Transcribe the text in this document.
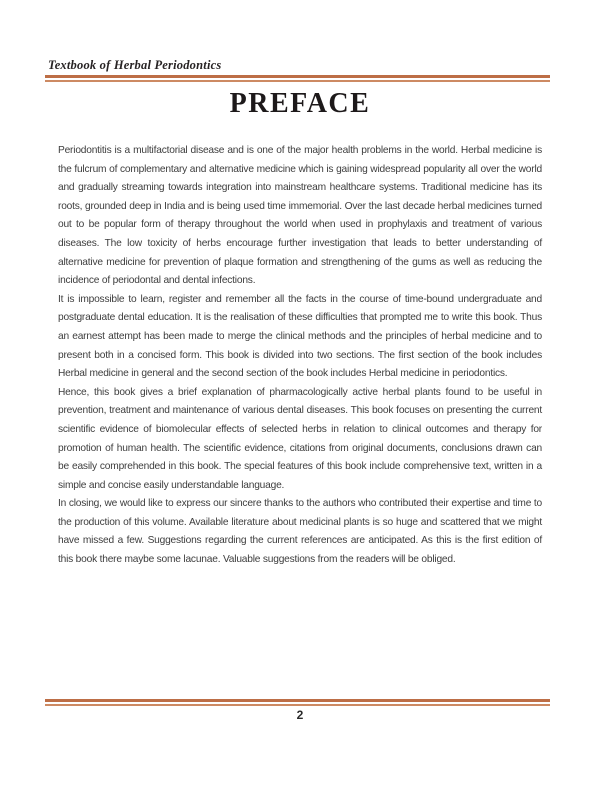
Textbook of Herbal Periodontics
PREFACE

Periodontitis is a multifactorial disease and is one of the major health problems in the world. Herbal medicine is the fulcrum of complementary and alternative medicine which is gaining widespread popularity all over the world and gradually streaming towards integration into mainstream healthcare systems. Traditional medicine has its roots, grounded deep in India and is being used time immemorial. Over the last decade herbal medicines turned out to be popular form of therapy throughout the world when used in prophylaxis and treatment of various diseases. The low toxicity of herbs encourage further investigation that leads to better understanding of alternative medicine for prevention of plaque formation and strengthening of the gums as well as reducing the incidence of periodontal and dental infections.

It is impossible to learn, register and remember all the facts in the course of time-bound undergraduate and postgraduate dental education. It is the realisation of these difficulties that prompted me to write this book. Thus an earnest attempt has been made to merge the clinical methods and the principles of herbal medicine and to present both in a concised form. This book is divided into two sections. The first section of the book includes Herbal medicine in general and the second section of the book includes Herbal medicine in periodontics.

Hence, this book gives a brief explanation of pharmacologically active herbal plants found to be useful in prevention, treatment and maintenance of various dental diseases. This book focuses on presenting the current scientific evidence of biomolecular effects of selected herbs in relation to clinical outcomes and therapy for promotion of human health. The scientific evidence, citations from original documents, conclusions drawn can be easily comprehended in this book. The special features of this book include comprehensive text, written in a simple and concise easily understandable language.

In closing, we would like to express our sincere thanks to the authors who contributed their expertise and time to the production of this volume. Available literature about medicinal plants is so huge and scattered that we might have missed a few. Suggestions regarding the current references are anticipated. As this is the first edition of this book there maybe some lacunae. Valuable suggestions from the readers will be obliged.

2
